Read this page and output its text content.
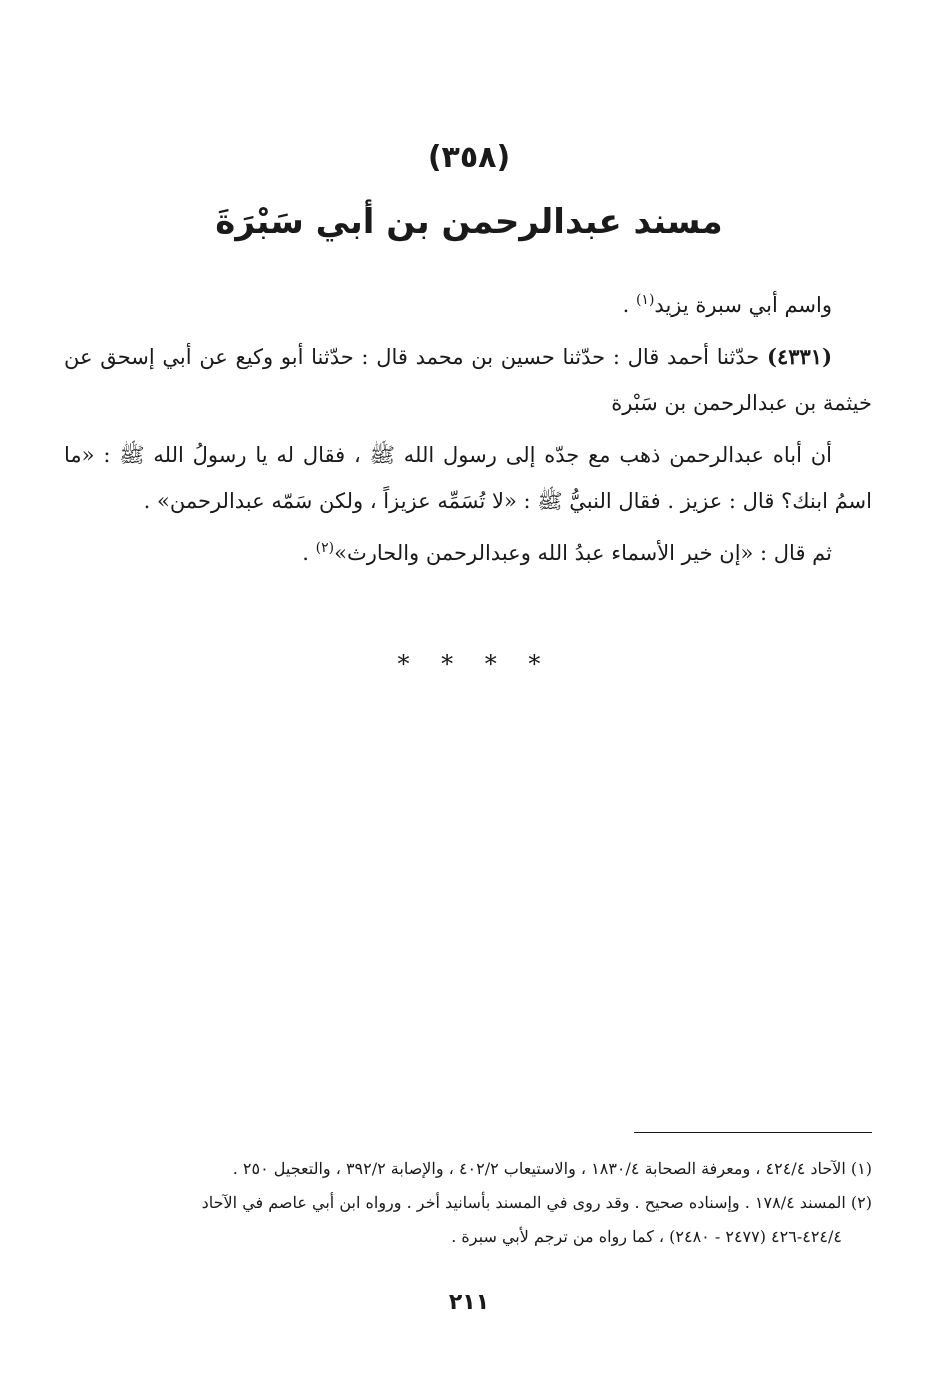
(٣٥٨)
مسند عبدالرحمن بن أبي سَبْرَةَ

واسم أبي سبرة يزيد$^{(١)}$ .

(٤٣٣١) حدّثنا أحمد قال : حدّثنا حسين بن محمد قال : حدّثنا أبو وكيع عن أبي إسحق عن خيثمة بن عبدالرحمن بن سَبْرة

أن أباه عبدالرحمن ذهب مع جدّه إلى رسول الله ﷺ ، فقال له يا رسولُ الله ﷺ : «ما اسمُ ابنك؟ قال : عزيز . فقال النبيُّ ﷺ : «لا تُسَمِّه عزيزاً ، ولكن سَمّه عبدالرحمن» .

ثم قال : «إن خير الأسماء عبدُ الله وعبدالرحمن والحارث»$^{(٢)}$ .

* * * *

(١) الآحاد ٤٢٤/٤ ، ومعرفة الصحابة ١٨٣٠/٤ ، والاستيعاب ٤٠٢/٢ ، والإصابة ٣٩٢/٢ ، والتعجيل ٢٥٠ .

(٢) المسند ١٧٨/٤ . وإسناده صحيح . وقد روى في المسند بأسانيد أخر . ورواه ابن أبي عاصم في الآحاد

٤٢٤/٤-٤٢٦ (٢٤٧٧ - ٢٤٨٠) ، كما رواه من ترجم لأبي سبرة .

٢١١
